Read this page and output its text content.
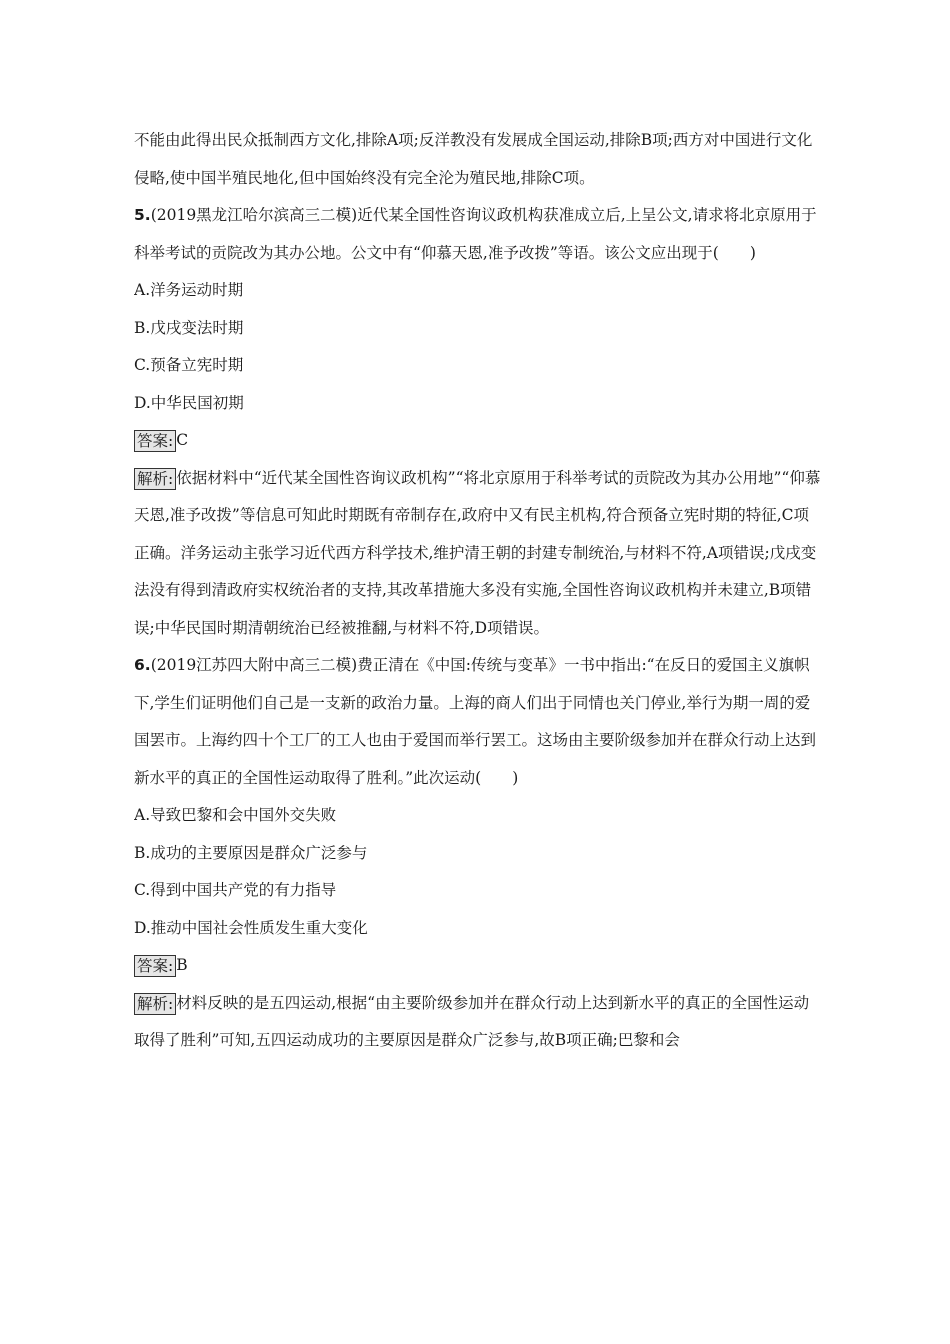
不能由此得出民众抵制西方文化,排除A项;反洋教没有发展成全国运动,排除B项;西方对中国进行文化侵略,使中国半殖民地化,但中国始终没有完全沦为殖民地,排除C项。
5.(2019黑龙江哈尔滨高三二模)近代某全国性咨询议政机构获准成立后,上呈公文,请求将北京原用于科举考试的贡院改为其办公地。公文中有“仰慕天恩,准予改拨”等语。该公文应出现于(　　)
A.洋务运动时期
B.戊戌变法时期
C.预备立宪时期
D.中华民国初期
答案: C
解析: 依据材料中“近代某全国性咨询议政机构”“将北京原用于科举考试的贡院改为其办公用地”“仰慕天恩,准予改拨”等信息可知此时期既有帝制存在,政府中又有民主机构,符合预备立宪时期的特征,C项正确。洋务运动主张学习近代西方科学技术,维护清王朝的封建专制统治,与材料不符,A项错误;戊戌变法没有得到清政府实权统治者的支持,其改革措施大多没有实施,全国性咨询议政机构并未建立,B项错误;中华民国时期清朝统治已经被推翻,与材料不符,D项错误。
6.(2019江苏四大附中高三二模)费正清在《中国:传统与变革》一书中指出:“在反日的爱国主义旗帜下,学生们证明他们自己是一支新的政治力量。上海的商人们出于同情也关门停业,举行为期一周的爱国罢市。上海约四十个工厂的工人也由于爱国而举行罢工。这场由主要阶级参加并在群众行动上达到新水平的真正的全国性运动取得了胜利。”此次运动(　　)
A.导致巴黎和会中国外交失败
B.成功的主要原因是群众广泛参与
C.得到中国共产党的有力指导
D.推动中国社会性质发生重大变化
答案: B
解析: 材料反映的是五四运动,根据“由主要阶级参加并在群众行动上达到新水平的真正的全国性运动取得了胜利”可知,五四运动成功的主要原因是群众广泛参与,故B项正确;巴黎和会
